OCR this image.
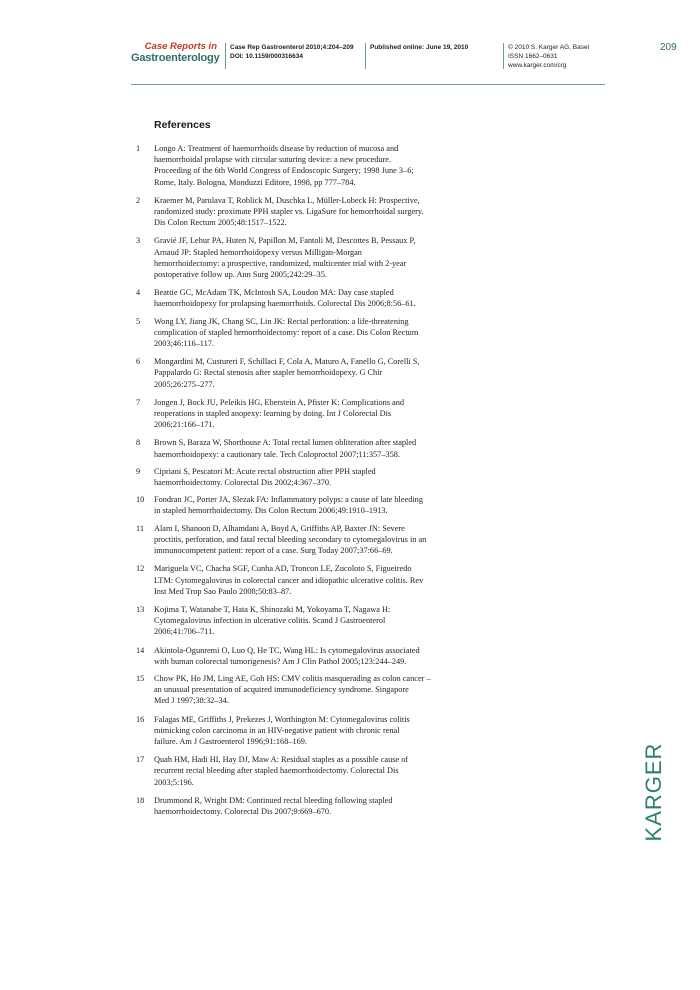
Case Reports in
Gastroenterology
Case Rep Gastroenterol 2010;4:204–209
DOI: 10.1159/000316634
Published online: June 19, 2010	© 2010 S. Karger AG, Basel
ISSN 1662–0631
www.karger.com/crg
209
References
1	Longo A: Treatment of haemorrhoids disease by reduction of mucosa and
haemorrhoidal prolapse with circular suturing device: a new procedure.
Proceeding of the 6th World Congress of Endoscopic Surgery; 1998 June 3–6;
Rome, Italy. Bologna, Monduzzi Editore, 1998, pp 777–784.
2	Kraemer M, Parulava T, Roblick M, Duschka L, Müller-Lobeck H: Prospective,
randomized study: proximate PPH stapler vs. LigaSure for hemorrhoidal surgery.
Dis Colon Rectum 2005;48:1517–1522.
3	Gravié JF, Lehur PA, Huten N, Papillon M, Fantoli M, Descottes B, Pessaux P,
Arnaud JP: Stapled hemorrhoidopexy versus Milligan-Morgan
hemorrhoidectomy: a prospective, randomized, multicenter trial with 2-year
postoperative follow up. Ann Surg 2005;242:29–35.
4	Beattie GC, McAdam TK, McIntosh SA, Loudon MA: Day case stapled
haemorrhoidopexy for prolapsing haemorrhoids. Colorectal Dis 2006;8:56–61.
5	Wong LY, Jiang JK, Chang SC, Lin JK: Rectal perforation: a life-threatening
complication of stapled hemorrhoidectomy: report of a case. Dis Colon Rectum
2003;46:116–117.
6	Mongardini M, Custureri F, Schillaci F, Cola A, Maturo A, Fanello G, Corelli S,
Pappalardo G: Rectal stenosis after stapler hemorrhoidopexy. G Chir
2005;26:275–277.
7	Jongen J, Bock JU, Peleikis HG, Eberstein A, Pfister K: Complications and
reoperations in stapled anopexy: learning by doing. Int J Colorectal Dis
2006;21:166–171.
8	Brown S, Baraza W, Shorthouse A: Total rectal lumen obliteration after stapled
haemorrhoidopexy: a cautionary tale. Tech Coloproctol 2007;11:357–358.
9	Cipriani S, Pescatori M: Acute rectal obstruction after PPH stapled
haemorrhoidectomy. Colorectal Dis 2002;4:367–370.
10 Fondran JC, Porter JA, Slezak FA: Inflammatory polyps: a cause of late bleeding
in stapled hemorrhoidectomy. Dis Colon Rectum 2006;49:1910–1913.
11 Alam I, Shanoon D, Alhamdani A, Boyd A, Griffiths AP, Baxter JN: Severe
proctitis, perforation, and fatal rectal bleeding secondary to cytomegalovirus in an
immunocompetent patient: report of a case. Surg Today 2007;37:66–69.
12 Mariguela VC, Chacha SGF, Cunha AD, Troncon LE, Zucoloto S, Figueiredo
LTM: Cytomegalovirus in colorectal cancer and idiopathic ulcerative colitis. Rev
Inst Med Trop Sao Paulo 2008;50:83–87.
13 Kojima T, Watanabe T, Hata K, Shinozaki M, Yokoyama T, Nagawa H:
Cytomegalovirus infection in ulcerative colitis. Scand J Gastroenterol
2006;41:706–711.
14 Akintola-Ogunremi O, Luo Q, He TC, Wang HL: Is cytomegalovirus associated
with human colorectal tumorigenesis? Am J Clin Pathol 2005;123:244–249.
15 Chow PK, Ho JM, Ling AE, Goh HS: CMV colitis masquerading as colon cancer –
an unusual presentation of acquired immunodeficiency syndrome. Singapore
Med J 1997;38:32–34.
16 Falagas ME, Griffiths J, Prekezes J, Worthington M: Cytomegalovirus colitis
mimicking colon carcinoma in an HIV-negative patient with chronic renal
failure. Am J Gastroenterol 1996;91:168–169.
17 Quah HM, Hadi HI, Hay DJ, Maw A: Residual staples as a possible cause of
recurrent rectal bleeding after stapled haemorrhoidectomy. Colorectal Dis
2003;5:196.
18 Drummond R, Wright DM: Continued rectal bleeding following stapled
haemorrhoidectomy. Colorectal Dis 2007;9:669–670.	KARGER
